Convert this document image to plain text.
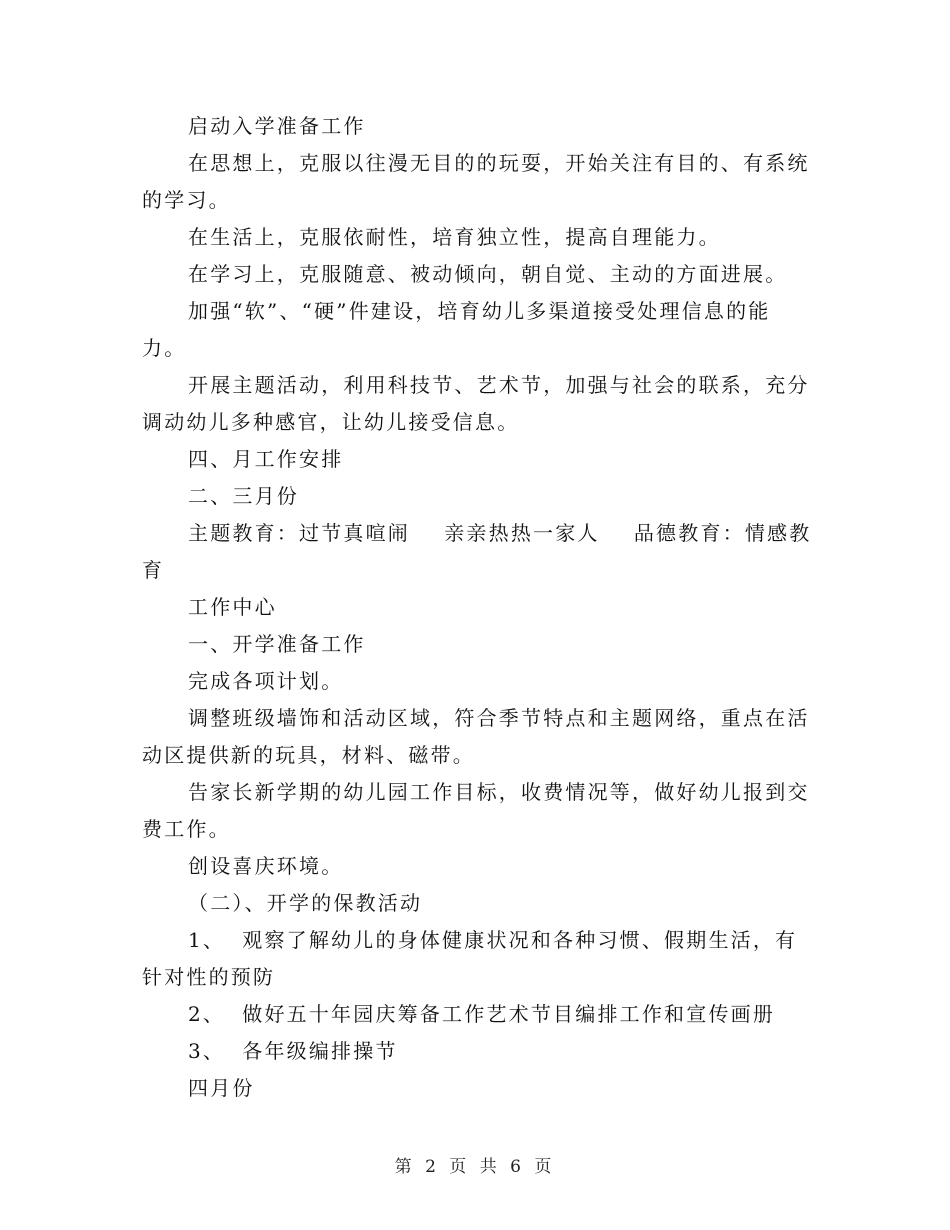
启动入学准备工作

在思想上，克服以往漫无目的的玩耍，开始关注有目的、有系统的学习。

在生活上，克服依耐性，培育独立性，提高自理能力。

在学习上，克服随意、被动倾向，朝自觉、主动的方面进展。

加强“软”、“硬”件建设，培育幼儿多渠道接受处理信息的能力。

开展主题活动，利用科技节、艺术节，加强与社会的联系，充分调动幼儿多种感官，让幼儿接受信息。

四、月工作安排

二、三月份

主题教育：过节真喧闹    亲亲热热一家人    品德教育：情感教育

工作中心

一、开学准备工作

完成各项计划。

调整班级墙饰和活动区域，符合季节特点和主题网络，重点在活动区提供新的玩具，材料、磁带。

告家长新学期的幼儿园工作目标，收费情况等，做好幼儿报到交费工作。

创设喜庆环境。

（二）、开学的保教活动

1、  观察了解幼儿的身体健康状况和各种习惯、假期生活，有针对性的预防

2、  做好五十年园庆筹备工作艺术节目编排工作和宣传画册

3、  各年级编排操节

四月份

第 2 页 共 6 页
